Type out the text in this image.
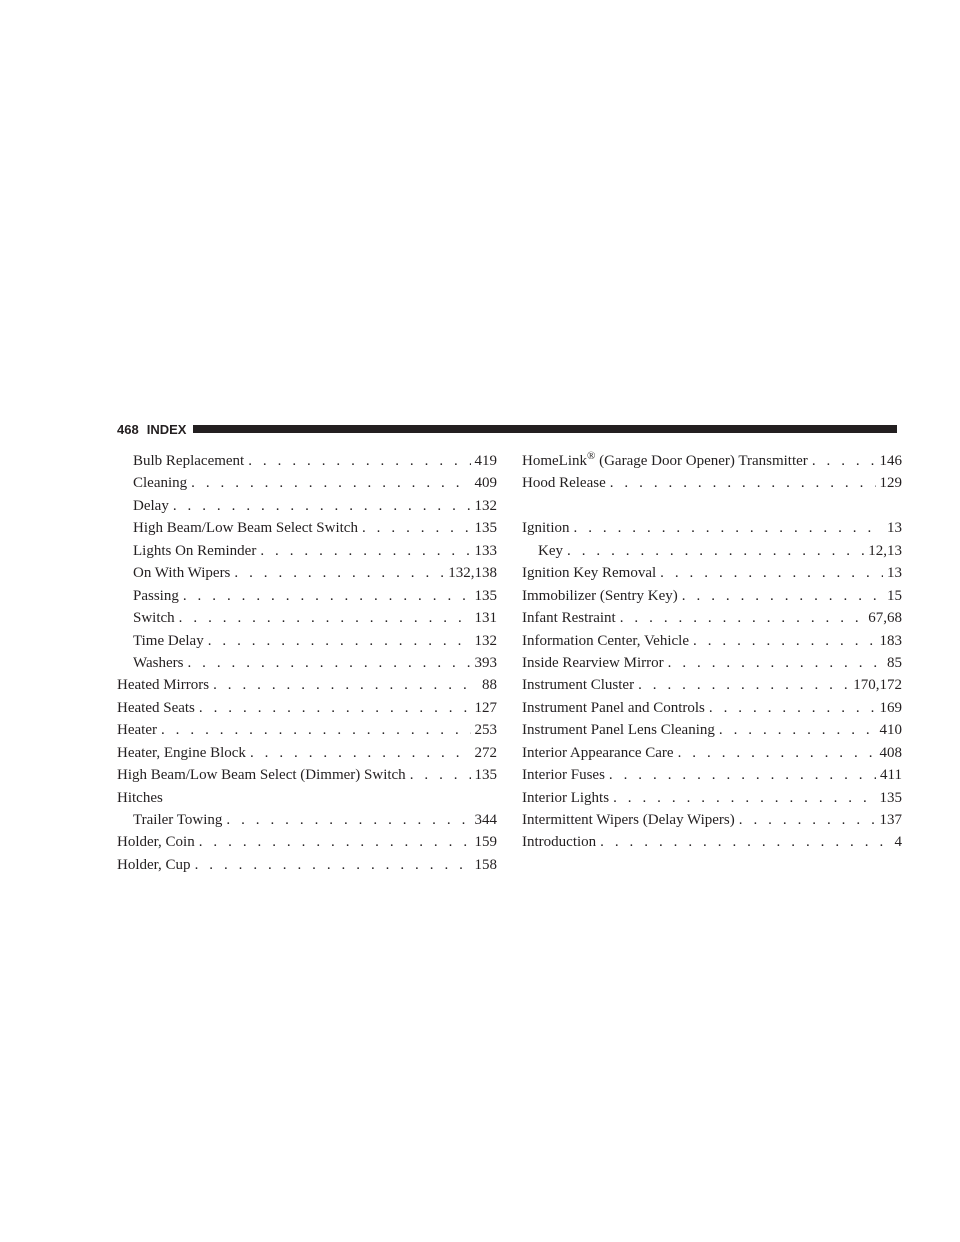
468 INDEX
Bulb Replacement . . .	419
Cleaning . . .	409
Delay . . .	132
High Beam/Low Beam Select Switch . . .	135
Lights On Reminder . . .	133
On With Wipers . . .	132,138
Passing . . .	135
Switch . . .	131
Time Delay . . .	132
Washers . . .	393
Heated Mirrors . . .	88
Heated Seats . . .	127
Heater . . .	253
Heater, Engine Block . . .	272
High Beam/Low Beam Select (Dimmer) Switch . . .	135
Hitches
Trailer Towing . . .	344
Holder, Coin . . .	159
Holder, Cup . . .	158
HomeLink® (Garage Door Opener) Transmitter . . .	146
Hood Release . . .	129
Ignition . . .	13
Key . . .	12,13
Ignition Key Removal . . .	13
Immobilizer (Sentry Key) . . .	15
Infant Restraint . . .	67,68
Information Center, Vehicle . . .	183
Inside Rearview Mirror . . .	85
Instrument Cluster . . .	170,172
Instrument Panel and Controls . . .	169
Instrument Panel Lens Cleaning . . .	410
Interior Appearance Care . . .	408
Interior Fuses . . .	411
Interior Lights . . .	135
Intermittent Wipers (Delay Wipers) . . .	137
Introduction . . .	4
